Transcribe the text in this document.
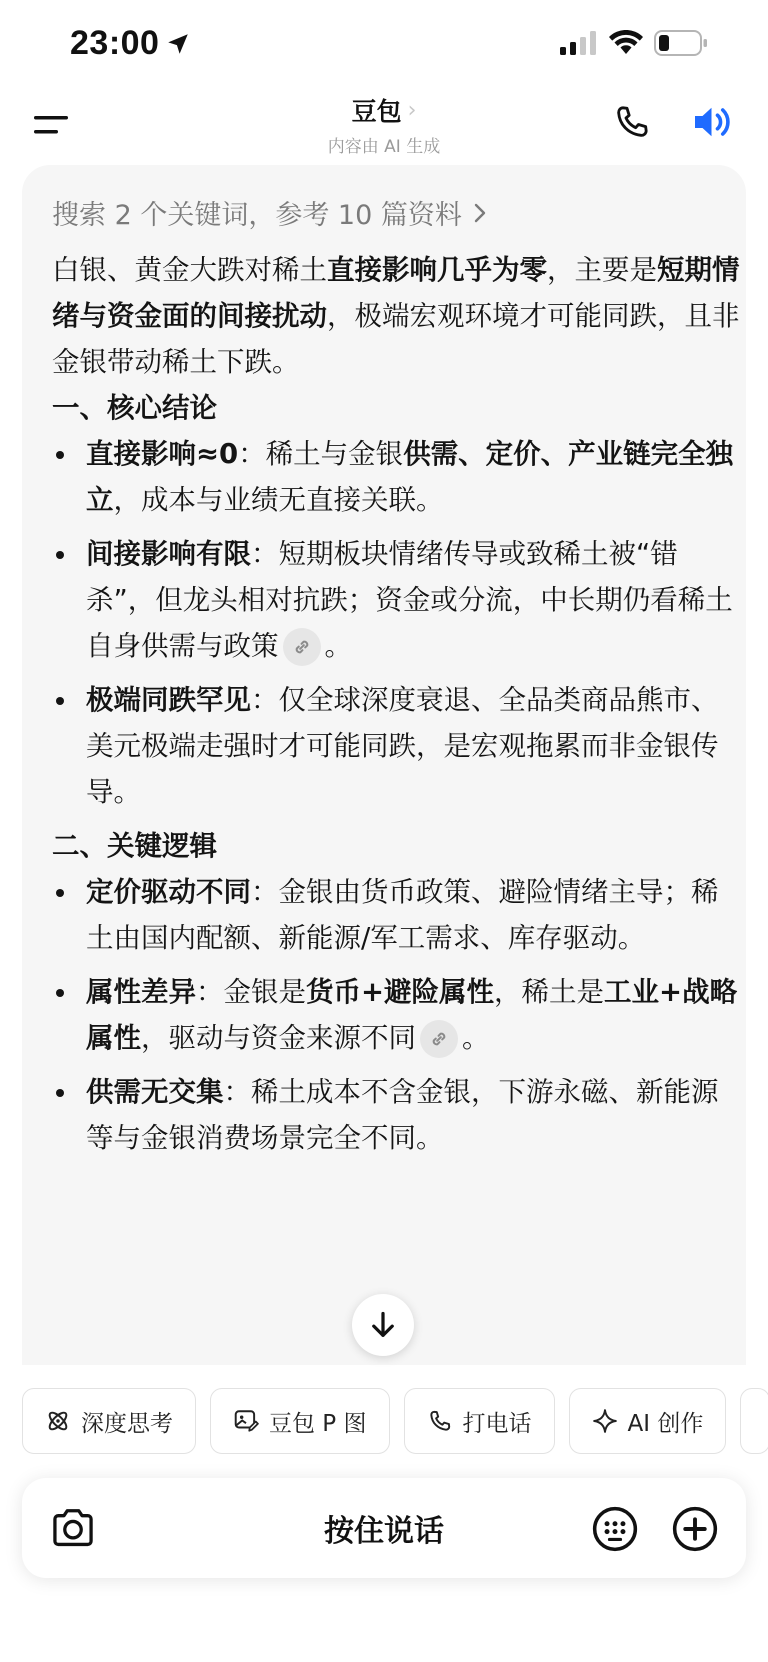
23:00
豆包 ›
内容由 AI 生成
搜索 2 个关键词，参考 10 篇资料

白银、黄金大跌对稀土直接影响几乎为零，主要是短期情绪与资金面的间接扰动，极端宏观环境才可能同跌，且非金银带动稀土下跌。

一、核心结论

直接影响≈0：稀土与金银供需、定价、产业链完全独立，成本与业绩无直接关联。
间接影响有限：短期板块情绪传导或致稀土被“错杀”，但龙头相对抗跌；资金或分流，中长期仍看稀土自身供需与政策 。
极端同跌罕见：仅全球深度衰退、全品类商品熊市、美元极端走强时才可能同跌，是宏观拖累而非金银传导。

二、关键逻辑

定价驱动不同：金银由货币政策、避险情绪主导；稀土由国内配额、新能源/军工需求、库存驱动。
属性差异：金银是货币+避险属性，稀土是工业+战略属性，驱动与资金来源不同 。
供需无交集：稀土成本不含金银，下游永磁、新能源等与金银消费场景完全不同。
深度思考	豆包 P 图	打电话	AI 创作
按住说话
